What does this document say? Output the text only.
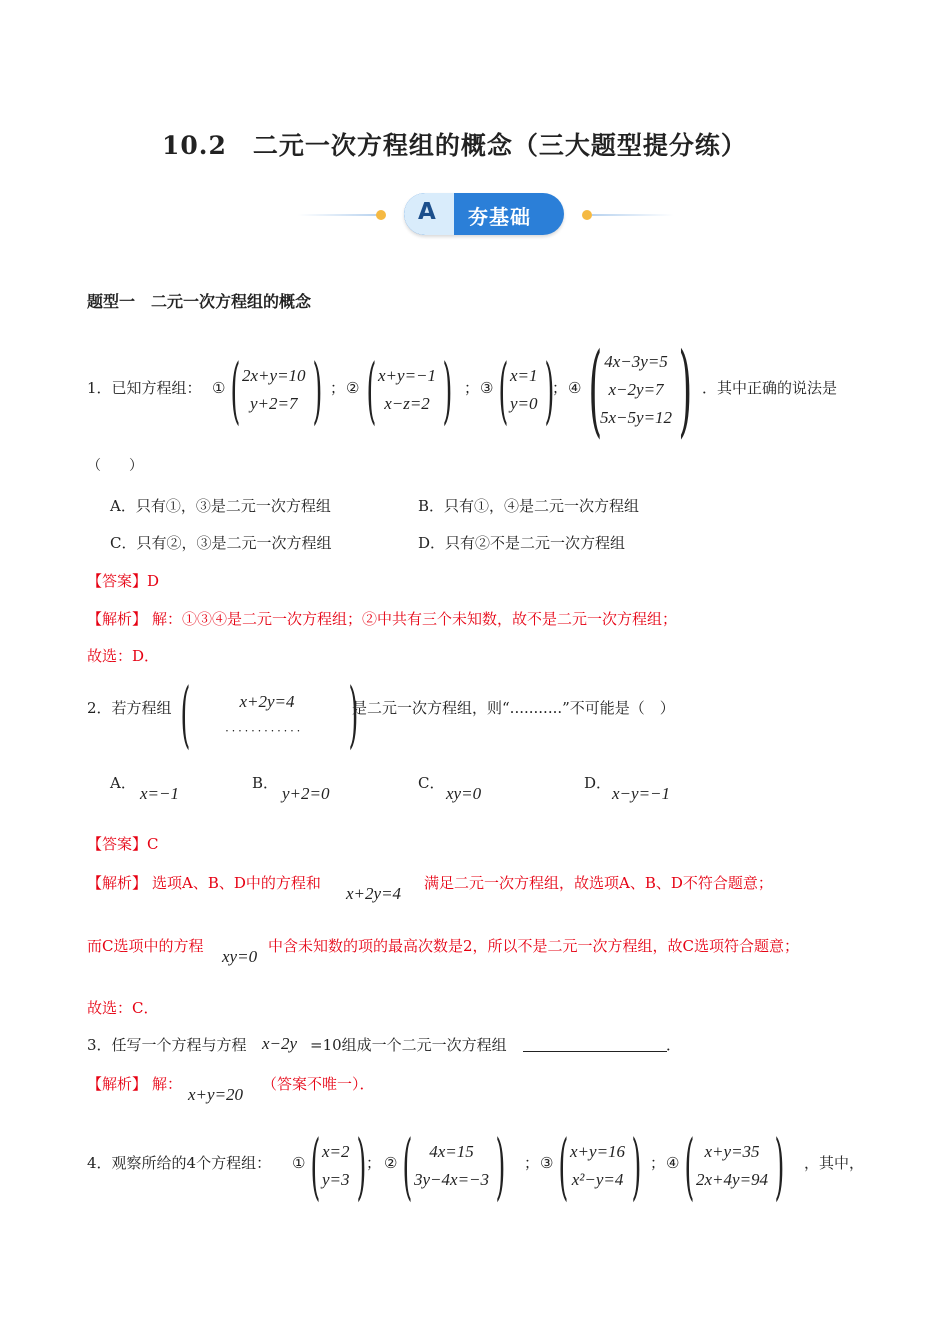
10.2　二元一次方程组的概念（三大题型提分练）
A 夯基础
题型一　二元一次方程组的概念
1．已知方程组： ① ( 2x+y=10
y+2=7 ) ； ② ( x+y=−1
x−z=2 ) ； ③ ( x=1
y=0 )
； ④ ( 4x−3y=5
x−2y=7
5x−5y=12 ) ．其中正确的说法是
（　　）
A．只有①，③是二元一次方程组	B．只有①，④是二元一次方程组
C．只有②，③是二元一次方程组	D．只有②不是二元一次方程组
【答案】D
【解析】 解：①③④是二元一次方程组；②中共有三个未知数，故不是二元一次方程组；
故选：D．
2．若方程组 (	x+2y=4
．．．．．．．．．．．． )
是二元一次方程组，则“...........”不可能是（　）
A．
x=−1
B．
y+2=0
C．
xy=0
D．
x−y=−1
【答案】C
【解析】 选项A、B、D中的方程和
x+2y=4
满足二元一次方程组，故选项A、B、D不符合题意；
而C选项中的方程
xy=0
中含未知数的项的最高次数是2，所以不是二元一次方程组，故C选项符合题意；
故选：C．
3．任写一个方程与方程 x−2y =10组成一个二元一次方程组	．
【解析】 解：
x+y=20
（答案不唯一）．
4．观察所给的4个方程组： ① ( x=2
y=3 ) ； ② ( 4x=15
3y−4x=−3 ) ； ③ ( x+y=16
x²−y=4 ) ； ④ ( x+y=35
2x+4y=94 ) ，其中，
